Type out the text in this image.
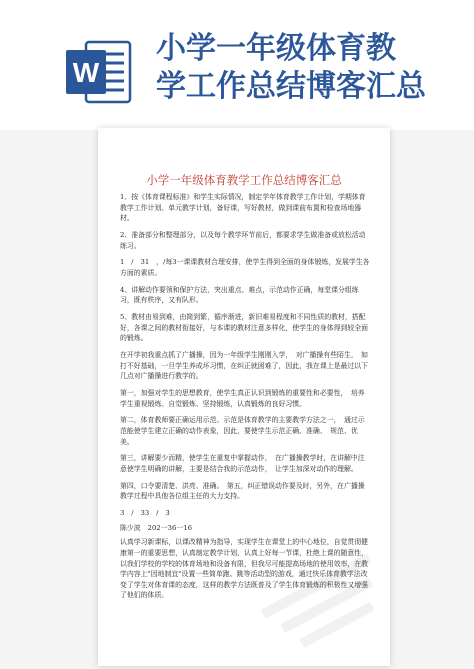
W
小学一年级体育教
学工作总结博客汇总
小学一年级体育教学工作总结博客汇总

1、按《体育课程标准》和学生实际情况，制定学年体育教学工作计划、学期体育教学工作计划、单元教学计划，备好课，写好教材，做到课前布置和检查场地器材。

2、准备部分和整理部分，以及每个教学环节前后，都要求学生做准备或放松活动练习。

1　/　31　，/每3一课课教材合理安排，使学生得到全面的身体锻炼，发展学生各方面的素质。

4、讲解动作要领和保护方法，突出重点、难点，示范动作正确，每堂课分组练习，既有秩序，又有队形。

5、教材由易到难，由简到繁，循序渐进，新旧难易程度和不同性质的教材，搭配好，各课之间的教材衔接好，与本课的教材注意多样化，使学生的身体得到较全面的锻炼。

在开学初我重点抓了广播操，因为一年级学生刚刚入学，　对广播操有些陌生，　如打不好基础，一旦学生养成坏习惯，在纠正就困难了，因此，我在课上是最过以下几点对广播操进行教学的。

第一，加强对学生的思想教育，使学生真正认识到锻炼的重要性和必要性，　培养学生重视锻炼、自觉锻炼、坚持锻炼，认真锻炼的良好习惯。

第二，体育教师要正确运用示范。示范是体育教学的主要教学方法之一，　通过示范能使学生建立正确的动作表象，因此，要使学生示范正确、准确、　规范、优美。

第三，讲解要少而精，使学生在重复中掌握动作，　在广播操教学时，在讲解中注意使学生明确的讲解，主要是结合我的示范动作，　让学生加深对动作的理解。

第四，口令要清楚、洪亮、准确。　第五，纠正错误动作要及时，另外，在广播操教学过程中具他各位组主任的大力支持。

3　/　33　/　3

陈少波　202一36一16

认真学习新课标，以课改精神为指导，实现学生在课堂上的中心地位，自觉贯彻健康第一的重要思想，认真制定教学计划，认真上好每一节课，杜绝上课的随意性，以我们学校的学校的体育场地和设备有限，但我尽可能提高场地的使用效率，在教学内容上"因地制宜"设置一些简单跑、跳等活动型的游戏，通过快乐体育教学法改变了学生对体育课的态度，这样的教学方法既普及了学生体育锻炼的积极性又增强了他们的体质。
